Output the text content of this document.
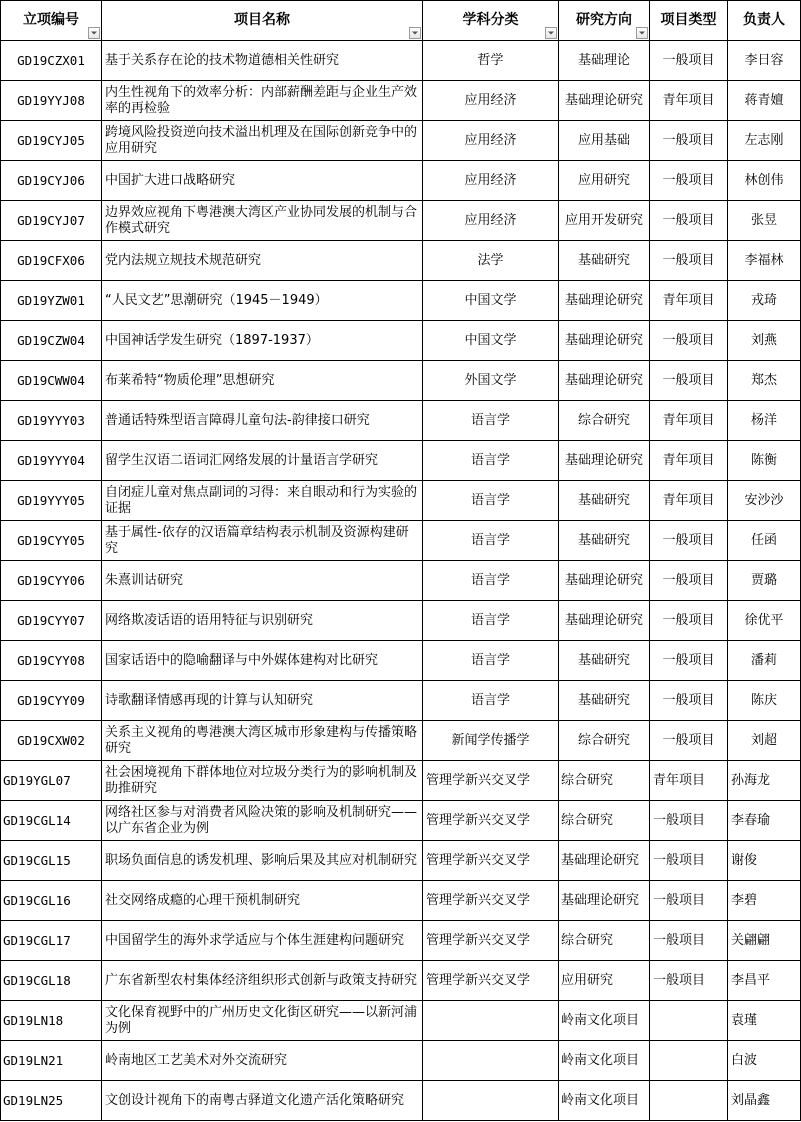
立项编号	项目名称	学科分类	研究方向	项目类型	负责人

GD19CZX01	基于关系存在论的技术物道德相关性研究	哲学	基础理论	一般项目	李日容

GD19YYJ08	内生性视角下的效率分析：内部薪酬差距与企业生产效率的再检验	应用经济	基础理论研究	青年项目	蒋青嬗

GD19CYJ05	跨境风险投资逆向技术溢出机理及在国际创新竞争中的应用研究	应用经济	应用基础	一般项目	左志刚

GD19CYJ06	中国扩大进口战略研究	应用经济	应用研究	一般项目	林创伟

GD19CYJ07	边界效应视角下粤港澳大湾区产业协同发展的机制与合作模式研究	应用经济	应用开发研究	一般项目	张昱

GD19CFX06	党内法规立规技术规范研究	法学	基础研究	一般项目	李福林

GD19YZW01	“人民文艺”思潮研究（1945－1949）	中国文学	基础理论研究	青年项目	戎琦

GD19CZW04	中国神话学发生研究（1897-1937）	中国文学	基础理论研究	一般项目	刘燕

GD19CWW04	布莱希特“物质伦理”思想研究	外国文学	基础理论研究	一般项目	郑杰

GD19YYY03	普通话特殊型语言障碍儿童句法-韵律接口研究	语言学	综合研究	青年项目	杨洋

GD19YYY04	留学生汉语二语词汇网络发展的计量语言学研究	语言学	基础理论研究	青年项目	陈衡

GD19YYY05	自闭症儿童对焦点副词的习得：来自眼动和行为实验的证据	语言学	基础研究	青年项目	安沙沙

GD19CYY05	基于属性-依存的汉语篇章结构表示机制及资源构建研究	语言学	基础研究	一般项目	任函

GD19CYY06	朱熹训诂研究	语言学	基础理论研究	一般项目	贾璐

GD19CYY07	网络欺凌话语的语用特征与识别研究	语言学	基础理论研究	一般项目	徐优平

GD19CYY08	国家话语中的隐喻翻译与中外媒体建构对比研究	语言学	基础研究	一般项目	潘莉

GD19CYY09	诗歌翻译情感再现的计算与认知研究	语言学	基础研究	一般项目	陈庆

GD19CXW02	关系主义视角的粤港澳大湾区城市形象建构与传播策略研究	新闻学传播学	综合研究	一般项目	刘超

GD19YGL07	社会困境视角下群体地位对垃圾分类行为的影响机制及助推研究	管理学新兴交叉学	综合研究	青年项目	孙海龙

GD19CGL14	网络社区参与对消费者风险决策的影响及机制研究——以广东省企业为例	管理学新兴交叉学	综合研究	一般项目	李春瑜

GD19CGL15	职场负面信息的诱发机理、影响后果及其应对机制研究	管理学新兴交叉学	基础理论研究	一般项目	谢俊

GD19CGL16	社交网络成瘾的心理干预机制研究	管理学新兴交叉学	基础理论研究	一般项目	李碧

GD19CGL17	中国留学生的海外求学适应与个体生涯建构问题研究	管理学新兴交叉学	综合研究	一般项目	关翩翩

GD19CGL18	广东省新型农村集体经济组织形式创新与政策支持研究	管理学新兴交叉学	应用研究	一般项目	李昌平

GD19LN18	文化保育视野中的广州历史文化街区研究——以新河浦为例		岭南文化项目		袁瑾

GD19LN21	岭南地区工艺美术对外交流研究		岭南文化项目		白波

GD19LN25	文创设计视角下的南粤古驿道文化遗产活化策略研究		岭南文化项目		刘晶鑫
